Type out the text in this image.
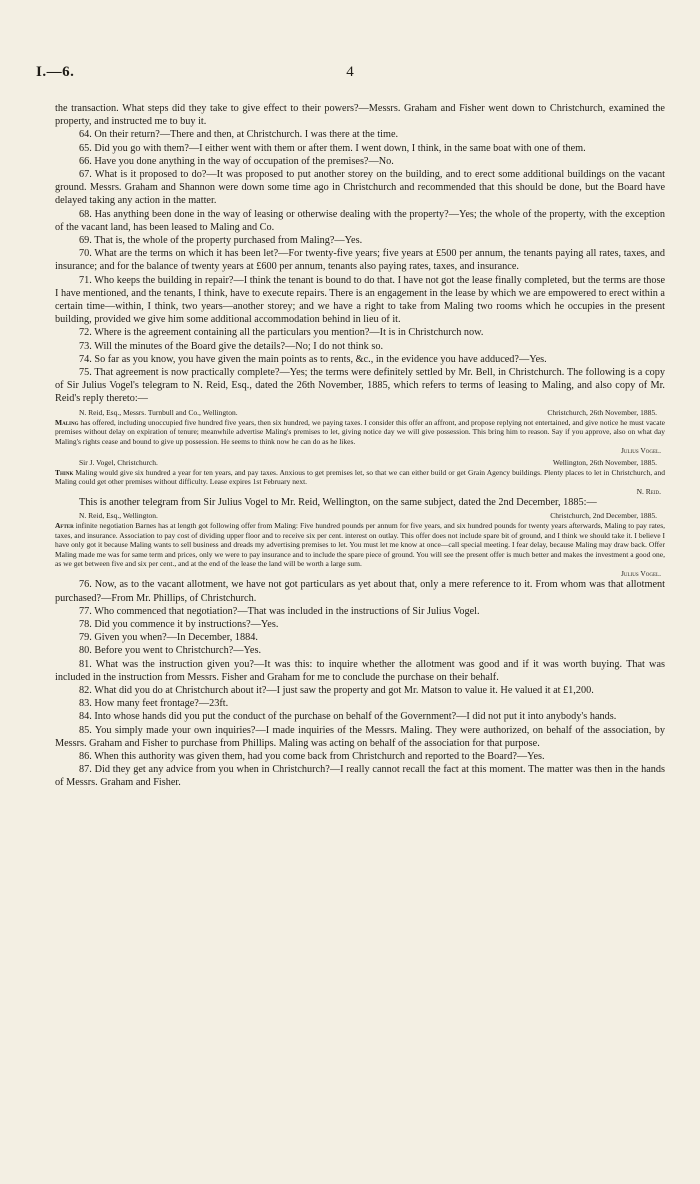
I.—6.	4

the transaction. What steps did they take to give effect to their powers?—Messrs. Graham and Fisher went down to Christchurch, examined the property, and instructed me to buy it.

64. On their return?—There and then, at Christchurch. I was there at the time.

65. Did you go with them?—I either went with them or after them. I went down, I think, in the same boat with one of them.

66. Have you done anything in the way of occupation of the premises?—No.

67. What is it proposed to do?—It was proposed to put another storey on the building, and to erect some additional buildings on the vacant ground. Messrs. Graham and Shannon were down some time ago in Christchurch and recommended that this should be done, but the Board have delayed taking any action in the matter.

68. Has anything been done in the way of leasing or otherwise dealing with the property?—Yes; the whole of the property, with the exception of the vacant land, has been leased to Maling and Co.

69. That is, the whole of the property purchased from Maling?—Yes.

70. What are the terms on which it has been let?—For twenty-five years; five years at £500 per annum, the tenants paying all rates, taxes, and insurance; and for the balance of twenty years at £600 per annum, tenants also paying rates, taxes, and insurance.

71. Who keeps the building in repair?—I think the tenant is bound to do that. I have not got the lease finally completed, but the terms are those I have mentioned, and the tenants, I think, have to execute repairs. There is an engagement in the lease by which we are empowered to erect within a certain time—within, I think, two years—another storey; and we have a right to take from Maling two rooms which he occupies in the present building, provided we give him some additional accommodation behind in lieu of it.

72. Where is the agreement containing all the particulars you mention?—It is in Christchurch now.

73. Will the minutes of the Board give the details?—No; I do not think so.

74. So far as you know, you have given the main points as to rents, &c., in the evidence you have adduced?—Yes.

75. That agreement is now practically complete?—Yes; the terms were definitely settled by Mr. Bell, in Christchurch. The following is a copy of Sir Julius Vogel's telegram to N. Reid, Esq., dated the 26th November, 1885, which refers to terms of leasing to Maling, and also copy of Mr. Reid's reply thereto:—

N. Reid, Esq., Messrs. Turnbull and Co., Wellington.	Christchurch, 26th November, 1885.

Maling has offered, including unoccupied five hundred five years, then six hundred, we paying taxes. I consider this offer an affront, and propose replying not entertained, and give notice he must vacate premises without delay on expiration of tenure; meanwhile advertise Maling's premises to let, giving notice day we will give possession. This bring him to reason. Say if you approve, also on what day Maling's rights cease and bound to give up possession. He seems to think now he can do as he likes.

Julius Vogel.

Sir J. Vogel, Christchurch.	Wellington, 26th November, 1885.

Think Maling would give six hundred a year for ten years, and pay taxes. Anxious to get premises let, so that we can either build or get Grain Agency buildings. Plenty places to let in Christchurch, and Maling could get other premises without difficulty. Lease expires 1st February next.

N. Reid.

This is another telegram from Sir Julius Vogel to Mr. Reid, Wellington, on the same subject, dated the 2nd December, 1885:—

N. Reid, Esq., Wellington.	Christchurch, 2nd December, 1885.

After infinite negotiation Barnes has at length got following offer from Maling: Five hundred pounds per annum for five years, and six hundred pounds for twenty years afterwards, Maling to pay rates, taxes, and insurance. Association to pay cost of dividing upper floor and to receive six per cent. interest on outlay. This offer does not include spare bit of ground, and I think we should take it. I believe I have only got it because Maling wants to sell business and dreads my advertising premises to let. You must let me know at once—call special meeting. I fear delay, because Maling may draw back. Offer Maling made me was for same term and prices, only we were to pay insurance and to include the spare piece of ground. You will see the present offer is much better and makes the investment a good one, as we get between five and six per cent., and at the end of the lease the land will be worth a large sum.

Julius Vogel.

76. Now, as to the vacant allotment, we have not got particulars as yet about that, only a mere reference to it. From whom was that allotment purchased?—From Mr. Phillips, of Christchurch.

77. Who commenced that negotiation?—That was included in the instructions of Sir Julius Vogel.

78. Did you commence it by instructions?—Yes.

79. Given you when?—In December, 1884.

80. Before you went to Christchurch?—Yes.

81. What was the instruction given you?—It was this: to inquire whether the allotment was good and if it was worth buying. That was included in the instruction from Messrs. Fisher and Graham for me to conclude the purchase on their behalf.

82. What did you do at Christchurch about it?—I just saw the property and got Mr. Matson to value it. He valued it at £1,200.

83. How many feet frontage?—23ft.

84. Into whose hands did you put the conduct of the purchase on behalf of the Government?—I did not put it into anybody's hands.

85. You simply made your own inquiries?—I made inquiries of the Messrs. Maling. They were authorized, on behalf of the association, by Messrs. Graham and Fisher to purchase from Phillips. Maling was acting on behalf of the association for that purpose.

86. When this authority was given them, had you come back from Christchurch and reported to the Board?—Yes.

87. Did they get any advice from you when in Christchurch?—I really cannot recall the fact at this moment. The matter was then in the hands of Messrs. Graham and Fisher.
